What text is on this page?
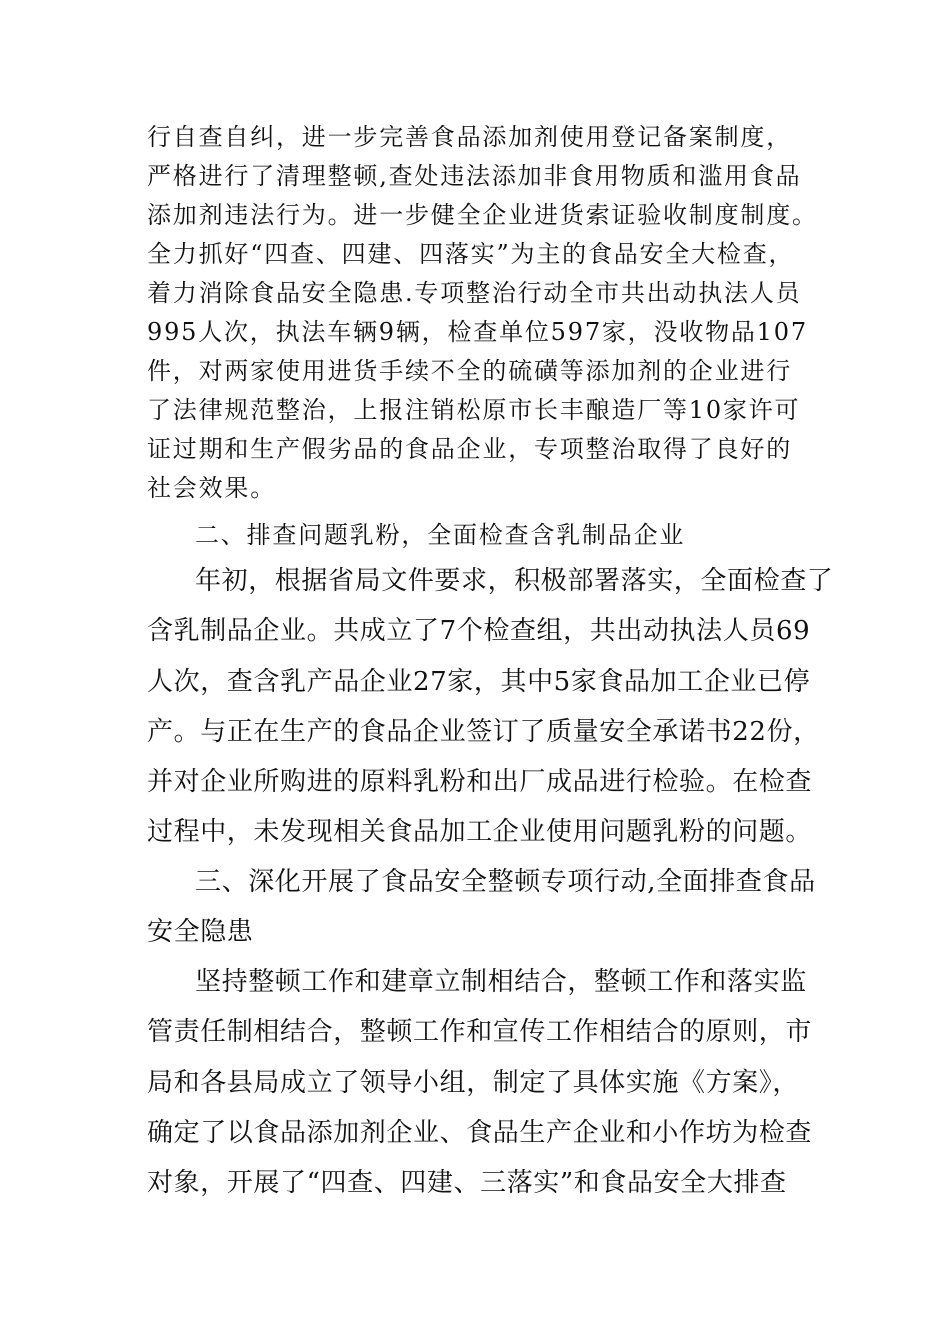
行自查自纠，进一步完善食品添加剂使用登记备案制度，
严格进行了清理整顿,查处违法添加非食用物质和滥用食品
添加剂违法行为。进一步健全企业进货索证验收制度制度。
全力抓好“四查、四建、四落实”为主的食品安全大检查，
着力消除食品安全隐患.专项整治行动全市共出动执法人员
995人次，执法车辆9辆，检查单位597家，没收物品107
件，对两家使用进货手续不全的硫磺等添加剂的企业进行
了法律规范整治，上报注销松原市长丰酿造厂等10家许可
证过期和生产假劣品的食品企业，专项整治取得了良好的
社会效果。
二、排查问题乳粉，全面检查含乳制品企业
年初，根据省局文件要求，积极部署落实，全面检查了
含乳制品企业。共成立了7个检查组，共出动执法人员69
人次，查含乳产品企业27家，其中5家食品加工企业已停
产。与正在生产的食品企业签订了质量安全承诺书22份，
并对企业所购进的原料乳粉和出厂成品进行检验。在检查
过程中，未发现相关食品加工企业使用问题乳粉的问题。
三、深化开展了食品安全整顿专项行动,全面排查食品
安全隐患
坚持整顿工作和建章立制相结合，整顿工作和落实监
管责任制相结合，整顿工作和宣传工作相结合的原则，市
局和各县局成立了领导小组，制定了具体实施《方案》，
确定了以食品添加剂企业、食品生产企业和小作坊为检查
对象，开展了“四查、四建、三落实”和食品安全大排查
